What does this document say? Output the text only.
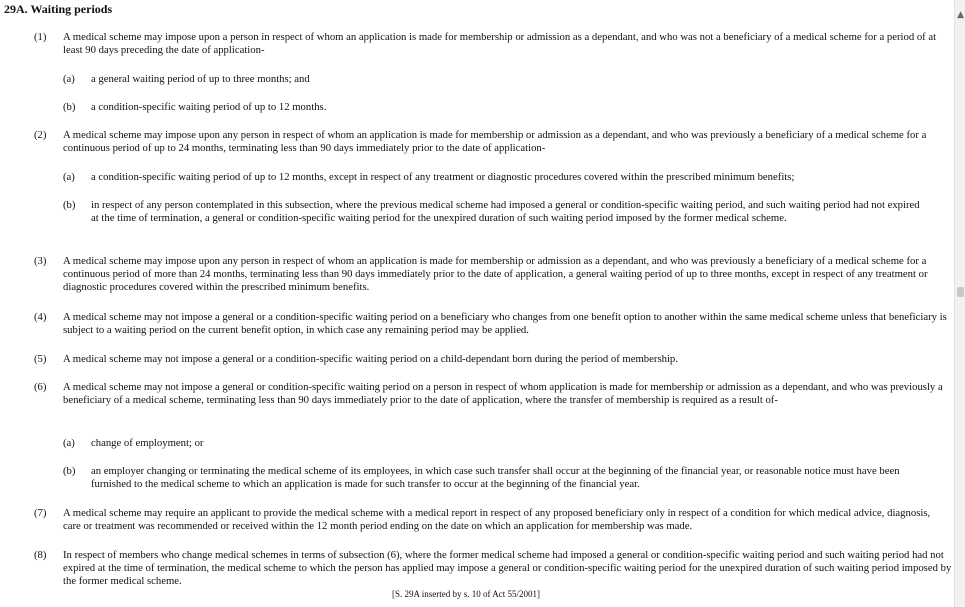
29A. Waiting periods
(1) A medical scheme may impose upon a person in respect of whom an application is made for membership or admission as a dependant, and who was not a beneficiary of a medical scheme for a period of at least 90 days preceding the date of application-
(a) a general waiting period of up to three months; and
(b) a condition-specific waiting period of up to 12 months.
(2) A medical scheme may impose upon any person in respect of whom an application is made for membership or admission as a dependant, and who was previously a beneficiary of a medical scheme for a continuous period of up to 24 months, terminating less than 90 days immediately prior to the date of application-
(a) a condition-specific waiting period of up to 12 months, except in respect of any treatment or diagnostic procedures covered within the prescribed minimum benefits;
(b) in respect of any person contemplated in this subsection, where the previous medical scheme had imposed a general or condition-specific waiting period, and such waiting period had not expired at the time of termination, a general or condition-specific waiting period for the unexpired duration of such waiting period imposed by the former medical scheme.
(3) A medical scheme may impose upon any person in respect of whom an application is made for membership or admission as a dependant, and who was previously a beneficiary of a medical scheme for a continuous period of more than 24 months, terminating less than 90 days immediately prior to the date of application, a general waiting period of up to three months, except in respect of any treatment or diagnostic procedures covered within the prescribed minimum benefits.
(4) A medical scheme may not impose a general or a condition-specific waiting period on a beneficiary who changes from one benefit option to another within the same medical scheme unless that beneficiary is subject to a waiting period on the current benefit option, in which case any remaining period may be applied.
(5) A medical scheme may not impose a general or a condition-specific waiting period on a child-dependant born during the period of membership.
(6) A medical scheme may not impose a general or condition-specific waiting period on a person in respect of whom application is made for membership or admission as a dependant, and who was previously a beneficiary of a medical scheme, terminating less than 90 days immediately prior to the date of application, where the transfer of membership is required as a result of-
(a) change of employment; or
(b) an employer changing or terminating the medical scheme of its employees, in which case such transfer shall occur at the beginning of the financial year, or reasonable notice must have been furnished to the medical scheme to which an application is made for such transfer to occur at the beginning of the financial year.
(7) A medical scheme may require an applicant to provide the medical scheme with a medical report in respect of any proposed beneficiary only in respect of a condition for which medical advice, diagnosis, care or treatment was recommended or received within the 12 month period ending on the date on which an application for membership was made.
(8) In respect of members who change medical schemes in terms of subsection (6), where the former medical scheme had imposed a general or condition-specific waiting period and such waiting period had not expired at the time of termination, the medical scheme to which the person has applied may impose a general or condition-specific waiting period for the unexpired duration of such waiting period imposed by the former medical scheme.
[S. 29A inserted by s. 10 of Act 55/2001]
▲
